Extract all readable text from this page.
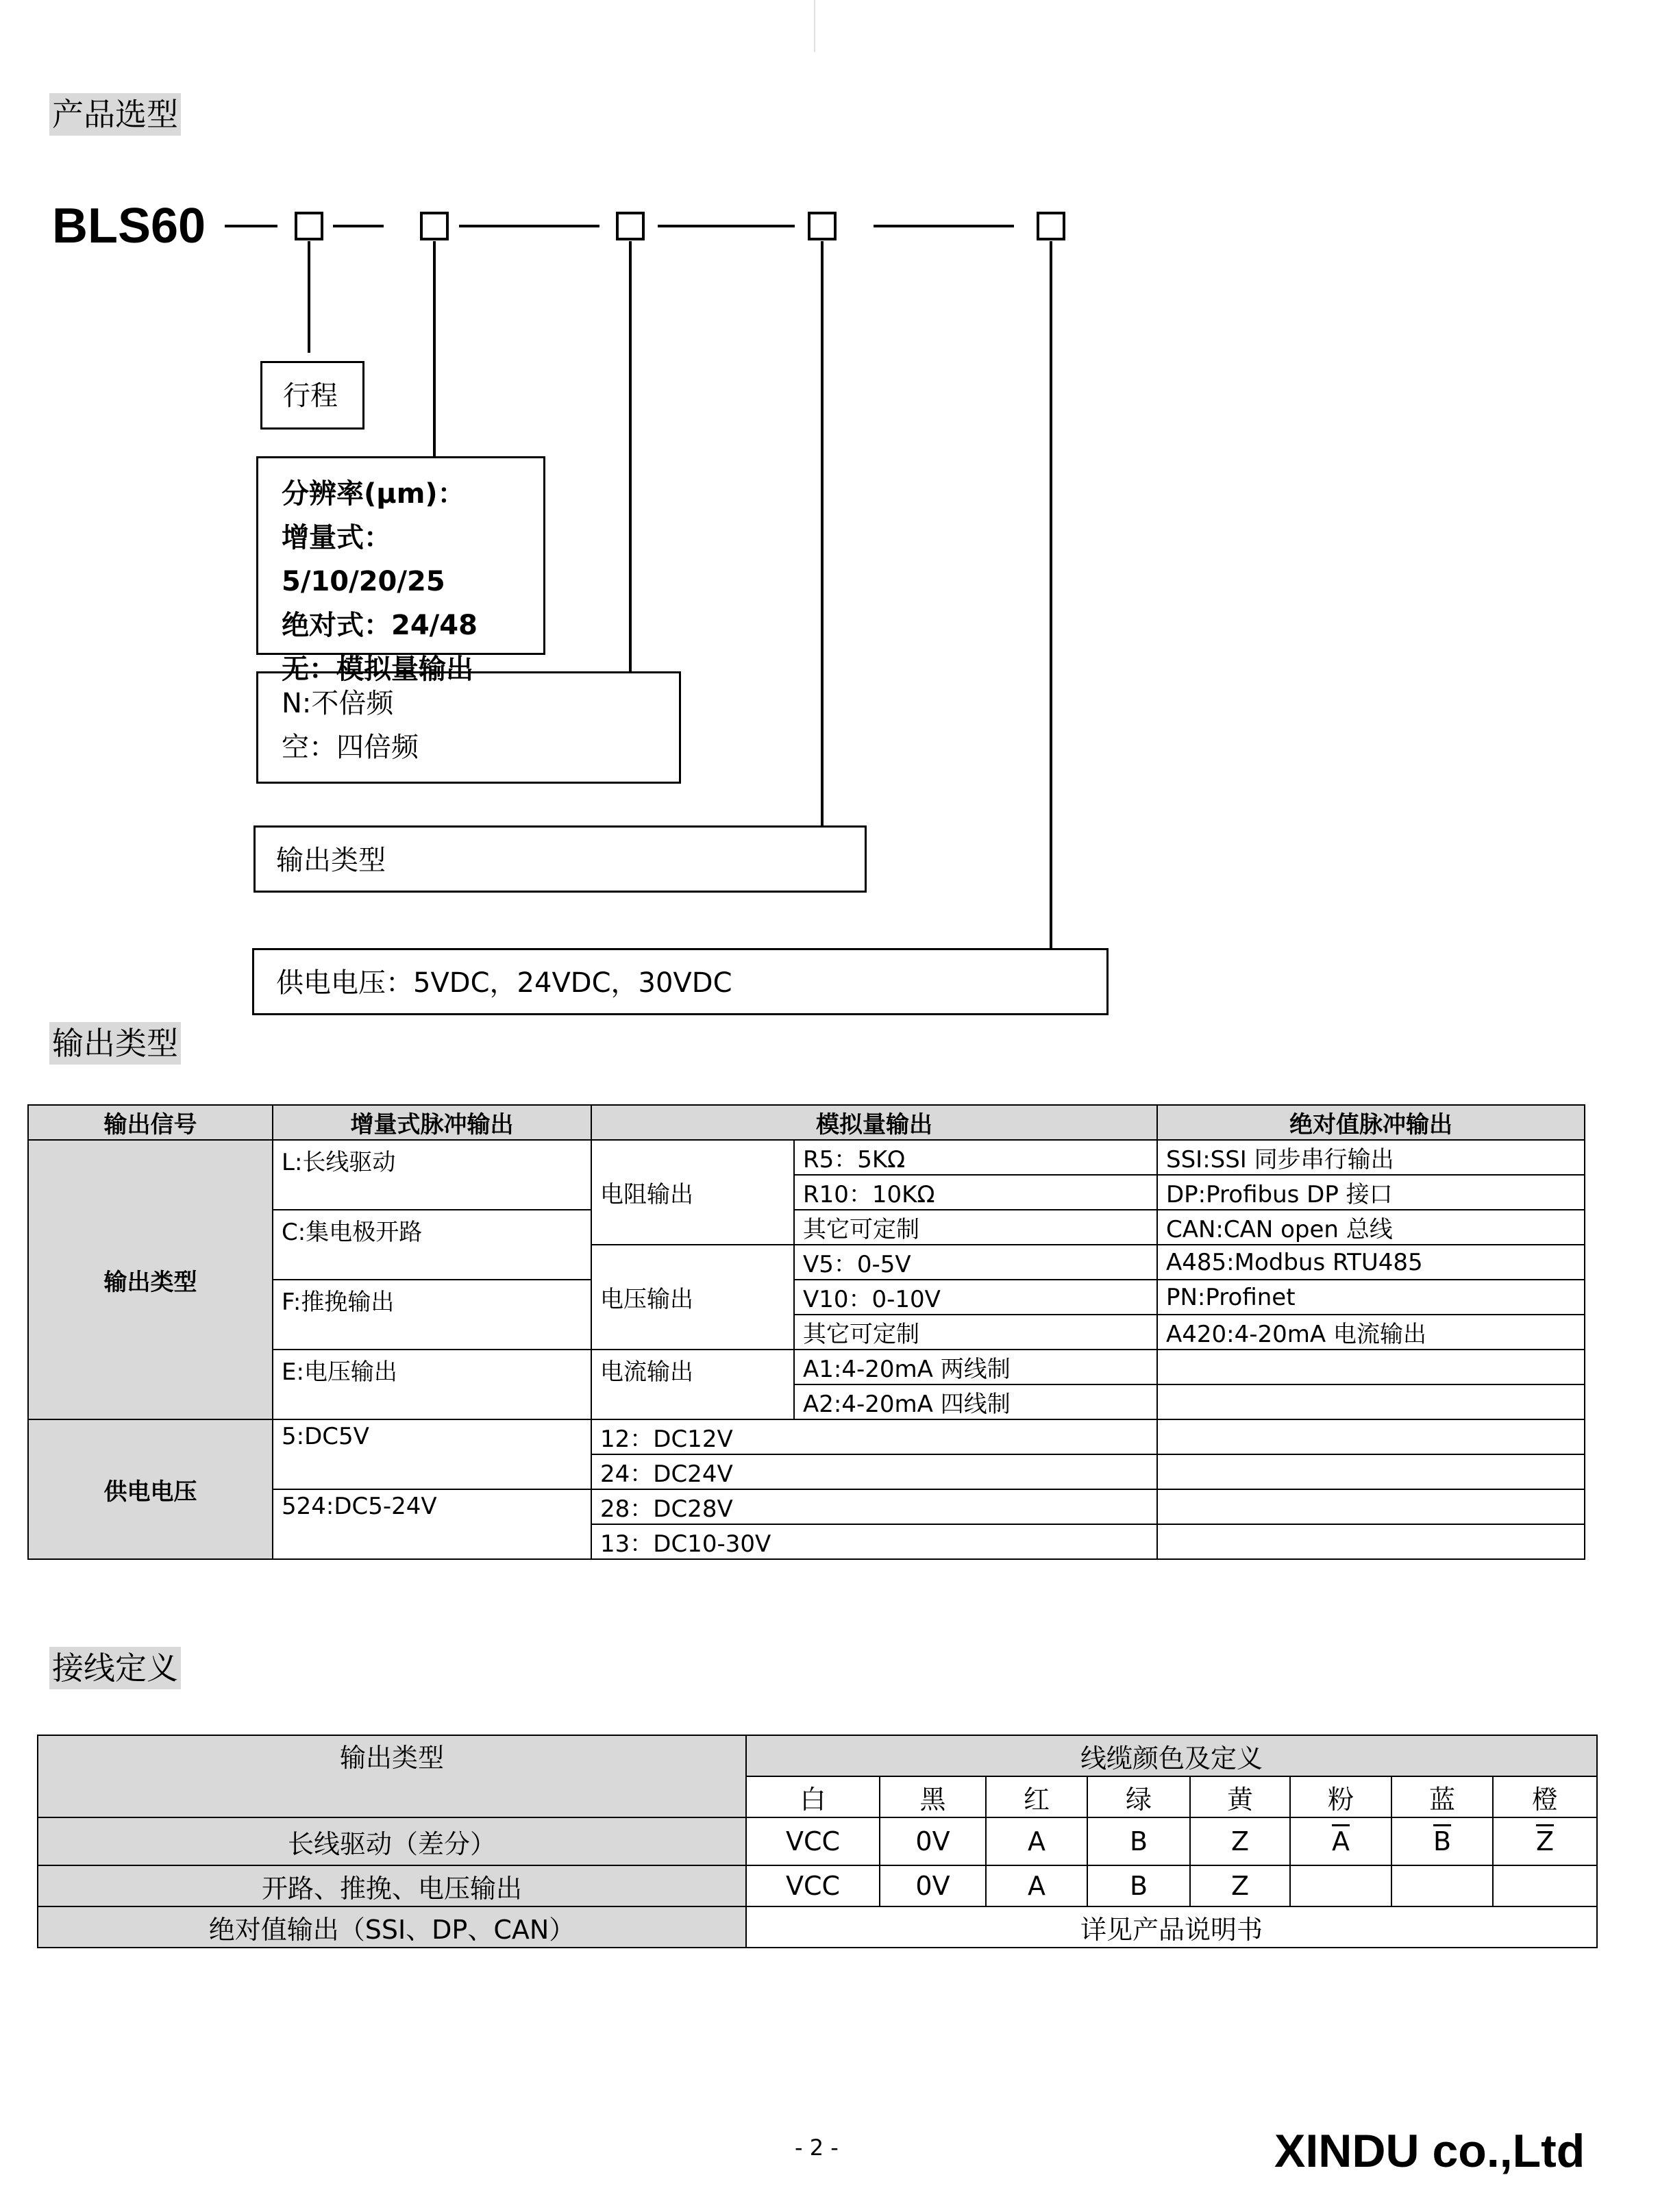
产品选型
BLS60
行程
分辨率(μm)：
增量式：5/10/20/25
绝对式：24/48
无：模拟量输出
N:不倍频
空：四倍频
输出类型
供电电压：5VDC，24VDC，30VDC
输出类型
输出信号	增量式脉冲输出	模拟量输出		绝对值脉冲输出
输出类型	L:长线驱动	电阻输出	R5：5KΩ	SSI:SSI 同步串行输出
			R10：10KΩ	DP:Profibus DP 接口
	C:集电极开路		其它可定制	CAN:CAN open 总线
		电压输出	V5：0-5V	A485:Modbus RTU485
	F:推挽输出		V10：0-10V	PN:Profinet
			其它可定制	A420:4-20mA 电流输出
	E:电压输出	电流输出	A1:4-20mA 两线制	
			A2:4-20mA 四线制	
供电电压	5:DC5V	12：DC12V		
		24：DC24V		
	524:DC5-24V	28：DC28V		
		13：DC10-30V		
接线定义
输出类型	线缆颜色及定义							
	白	黑	红	绿	黄	粉	蓝	橙
长线驱动（差分）	VCC	0V	A	B	Z	$\overline{A}$	$\overline{B}$	$\overline{Z}$
开路、推挽、电压输出	VCC	0V	A	B	Z			
绝对值输出（SSI、DP、CAN）	详见产品说明书							
- 2 -	XINDU co.,Ltd
